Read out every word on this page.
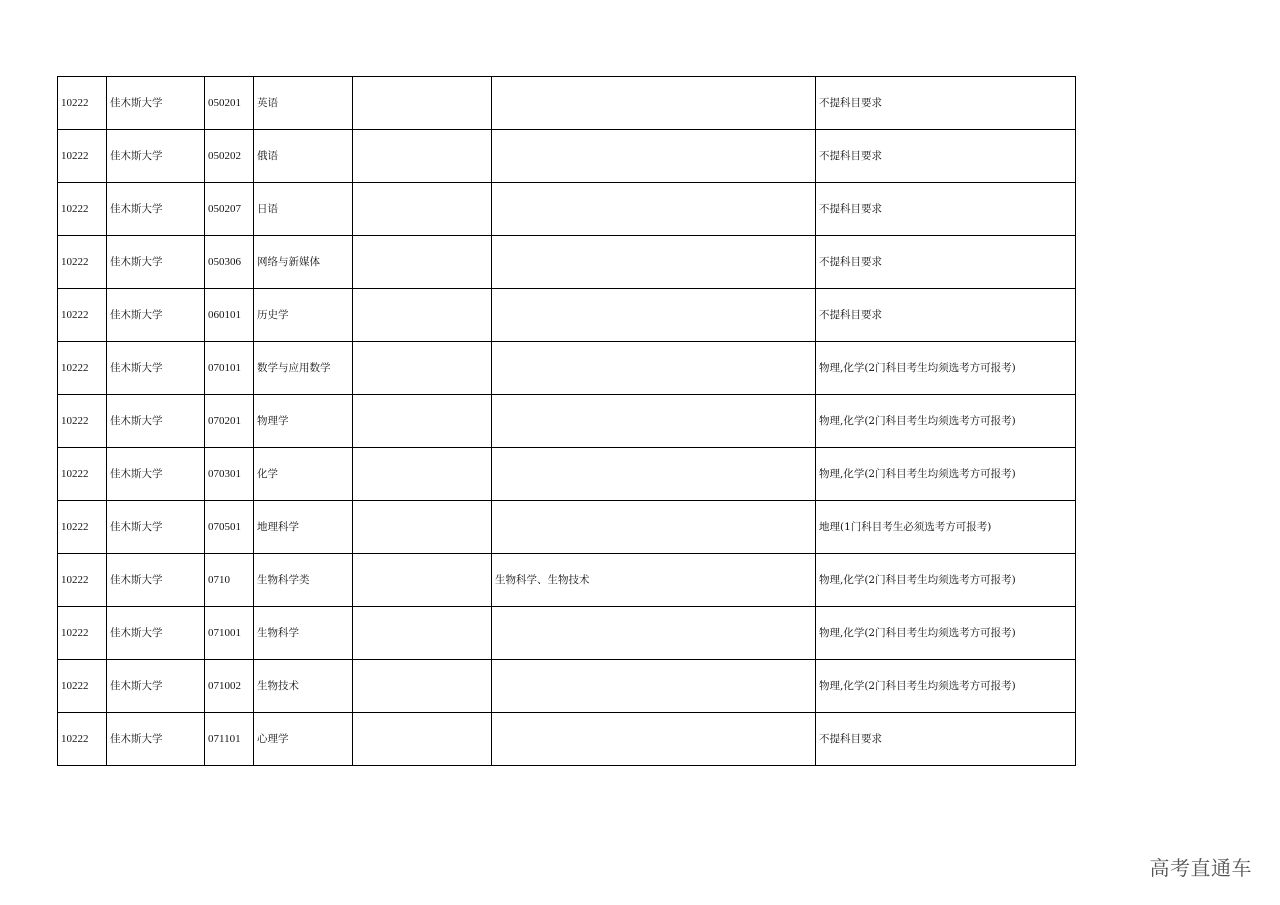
10222	佳木斯大学	050201	英语			不提科目要求
10222	佳木斯大学	050202	俄语			不提科目要求
10222	佳木斯大学	050207	日语			不提科目要求
10222	佳木斯大学	050306	网络与新媒体			不提科目要求
10222	佳木斯大学	060101	历史学			不提科目要求
10222	佳木斯大学	070101	数学与应用数学			物理,化学(2门科目考生均须选考方可报考)
10222	佳木斯大学	070201	物理学			物理,化学(2门科目考生均须选考方可报考)
10222	佳木斯大学	070301	化学			物理,化学(2门科目考生均须选考方可报考)
10222	佳木斯大学	070501	地理科学			地理(1门科目考生必须选考方可报考)
10222	佳木斯大学	0710	生物科学类		生物科学、生物技术	物理,化学(2门科目考生均须选考方可报考)
10222	佳木斯大学	071001	生物科学			物理,化学(2门科目考生均须选考方可报考)
10222	佳木斯大学	071002	生物技术			物理,化学(2门科目考生均须选考方可报考)
10222	佳木斯大学	071101	心理学			不提科目要求
高考直通车
